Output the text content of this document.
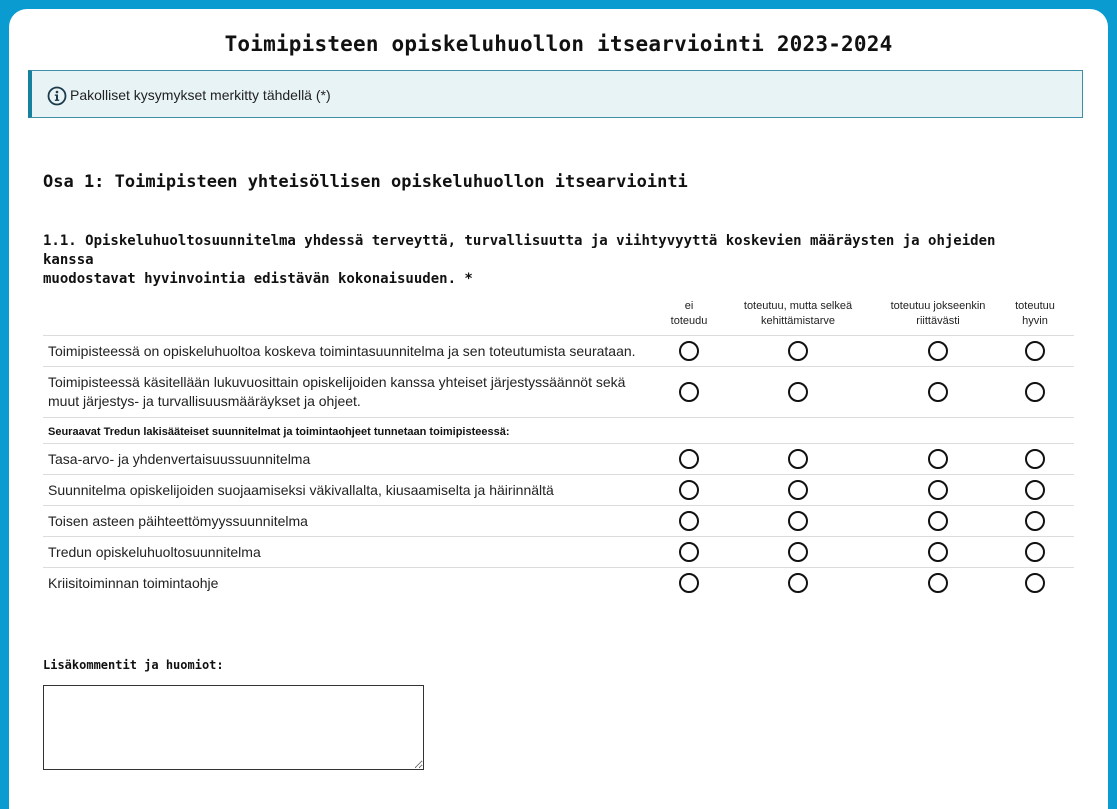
Toimipisteen opiskeluhuollon itsearviointi 2023-2024
Pakolliset kysymykset merkitty tähdellä (*)
Osa 1: Toimipisteen yhteisöllisen opiskeluhuollon itsearviointi
1.1. Opiskeluhuoltosuunnitelma yhdessä terveyttä, turvallisuutta ja viihtyvyyttä koskevien määräysten ja ohjeiden kanssa
muodostavat hyvinvointia edistävän kokonaisuuden. *
ei
toteudu
toteutuu, mutta selkeä
kehittämistarve
toteutuu jokseenkin
riittävästi
toteutuu
hyvin
Toimipisteessä on opiskeluhuoltoa koskeva toimintasuunnitelma ja sen toteutumista seurataan.
Toimipisteessä käsitellään lukuvuosittain opiskelijoiden kanssa yhteiset järjestyssäännöt sekä
muut järjestys- ja turvallisuusmääräykset ja ohjeet.
Seuraavat Tredun lakisääteiset suunnitelmat ja toimintaohjeet tunnetaan toimipisteessä:
Tasa-arvo- ja yhdenvertaisuussuunnitelma
Suunnitelma opiskelijoiden suojaamiseksi väkivallalta, kiusaamiselta ja häirinnältä
Toisen asteen päihteettömyyssuunnitelma
Tredun opiskeluhuoltosuunnitelma
Kriisitoiminnan toimintaohje
Lisäkommentit ja huomiot:
